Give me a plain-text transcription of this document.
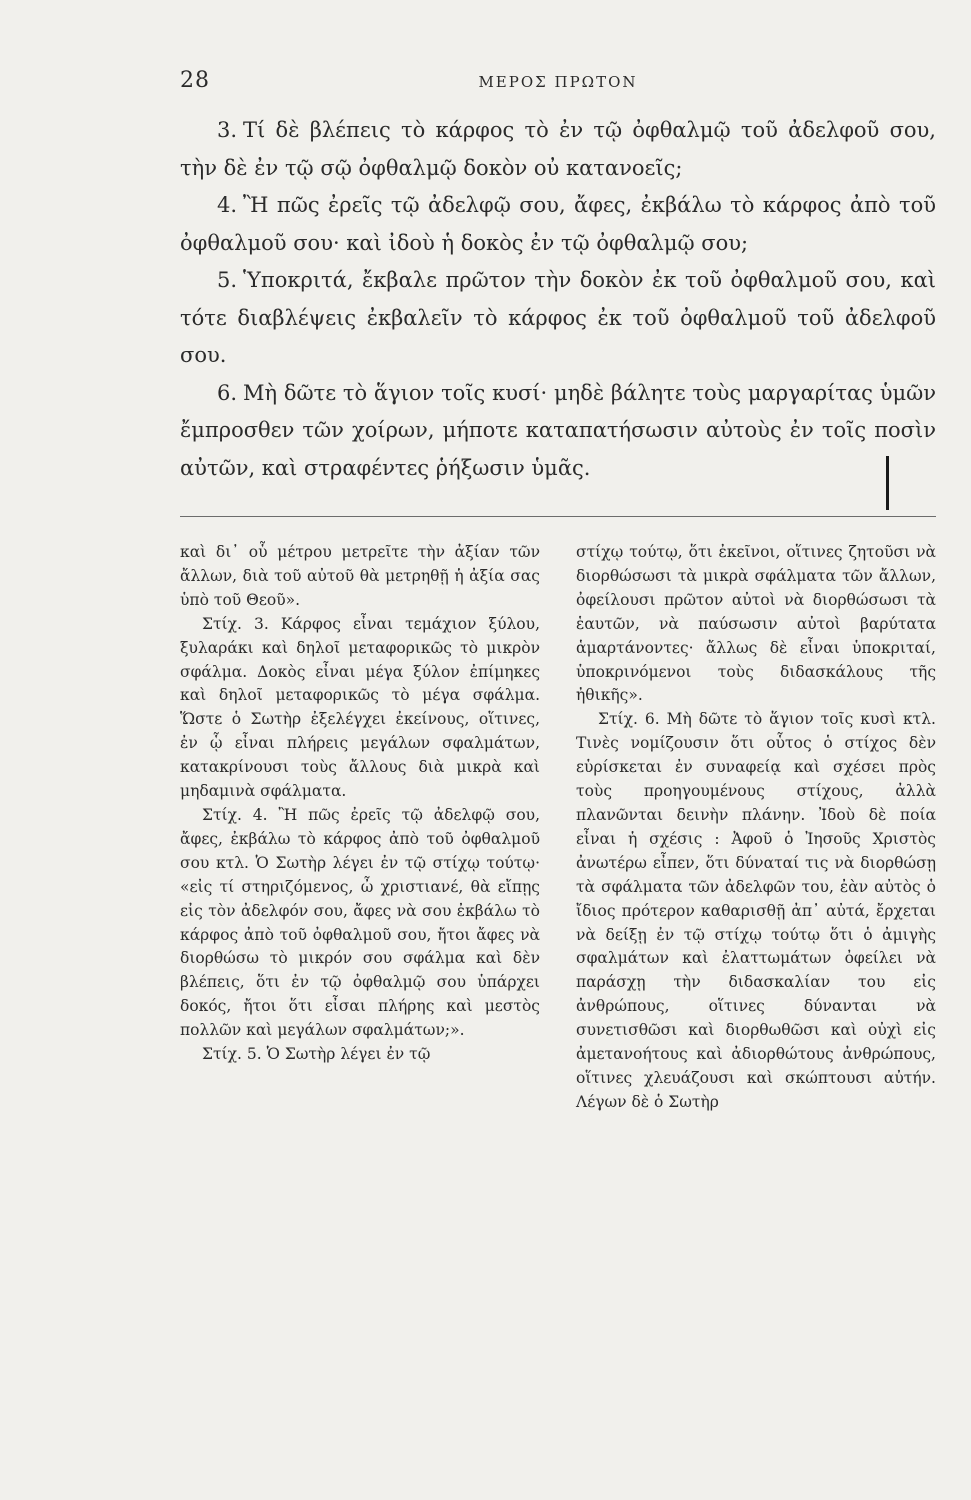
28	ΜΕΡΟΣ ΠΡΩΤΟΝ
3. Τί δὲ βλέπεις τὸ κάρφος τὸ ἐν τῷ ὀφθαλμῷ τοῦ ἀδελφοῦ σου, τὴν δὲ ἐν τῷ σῷ ὀφθαλμῷ δοκὸν οὐ κατανοεῖς;
4. Ἢ πῶς ἐρεῖς τῷ ἀδελφῷ σου, ἄφες, ἐκβάλω τὸ κάρφος ἀπὸ τοῦ ὀφθαλμοῦ σου· καὶ ἰδοὺ ἡ δοκὸς ἐν τῷ ὀφθαλμῷ σου;
5. Ὑποκριτά, ἔκβαλε πρῶτον τὴν δοκὸν ἐκ τοῦ ὀφθαλμοῦ σου, καὶ τότε διαβλέψεις ἐκβαλεῖν τὸ κάρφος ἐκ τοῦ ὀφθαλμοῦ τοῦ ἀδελφοῦ σου.
6. Μὴ δῶτε τὸ ἅγιον τοῖς κυσί· μηδὲ βάλητε τοὺς μαργαρίτας ὑμῶν ἔμπροσθεν τῶν χοίρων, μήποτε καταπατήσωσιν αὐτοὺς ἐν τοῖς ποσὶν αὐτῶν, καὶ στραφέντες ῥήξωσιν ὑμᾶς.

καὶ δι᾽ οὗ μέτρου μετρεῖτε τὴν ἀξίαν τῶν ἄλλων, διὰ τοῦ αὐτοῦ θὰ μετρηθῇ ἡ ἀξία σας ὑπὸ τοῦ Θεοῦ».

Στίχ. 3. Κάρφος εἶναι τεμάχιον ξύλου, ξυλαράκι καὶ δηλοῖ μεταφορικῶς τὸ μικρὸν σφάλμα. Δοκὸς εἶναι μέγα ξύλον ἐπίμηκες καὶ δηλοῖ μεταφορικῶς τὸ μέγα σφάλμα. Ὥστε ὁ Σωτὴρ ἐξελέγχει ἐκείνους, οἵτινες, ἐν ᾧ εἶναι πλήρεις μεγάλων σφαλμάτων, κατακρίνουσι τοὺς ἄλλους διὰ μικρὰ καὶ μηδαμινὰ σφάλματα.

Στίχ. 4. Ἢ πῶς ἐρεῖς τῷ ἀδελφῷ σου, ἄφες, ἐκβάλω τὸ κάρφος ἀπὸ τοῦ ὀφθαλμοῦ σου κτλ. Ὁ Σωτὴρ λέγει ἐν τῷ στίχῳ τούτῳ· «εἰς τί στηριζόμενος, ὦ χριστιανέ, θὰ εἴπῃς εἰς τὸν ἀδελφόν σου, ἄφες νὰ σου ἐκβάλω τὸ κάρφος ἀπὸ τοῦ ὀφθαλμοῦ σου, ἤτοι ἄφες νὰ διορθώσω τὸ μικρόν σου σφάλμα καὶ δὲν βλέπεις, ὅτι ἐν τῷ ὀφθαλμῷ σου ὑπάρχει δοκός, ἤτοι ὅτι εἶσαι πλήρης καὶ μεστὸς πολλῶν καὶ μεγάλων σφαλμάτων;».

Στίχ. 5. Ὁ Σωτὴρ λέγει ἐν τῷ

στίχῳ τούτῳ, ὅτι ἐκεῖνοι, οἵτινες ζητοῦσι νὰ διορθώσωσι τὰ μικρὰ σφάλματα τῶν ἄλλων, ὀφείλουσι πρῶτον αὐτοὶ νὰ διορθώσωσι τὰ ἑαυτῶν, νὰ παύσωσιν αὐτοὶ βαρύτατα ἁμαρτάνοντες· ἄλλως δὲ εἶναι ὑποκριταί, ὑποκρινόμενοι τοὺς διδασκάλους τῆς ἠθικῆς».

Στίχ. 6. Μὴ δῶτε τὸ ἅγιον τοῖς κυσὶ κτλ. Τινὲς νομίζουσιν ὅτι οὗτος ὁ στίχος δὲν εὑρίσκεται ἐν συναφείᾳ καὶ σχέσει πρὸς τοὺς προηγουμένους στίχους, ἀλλὰ πλανῶνται δεινὴν πλάνην. Ἰδοὺ δὲ ποία εἶναι ἡ σχέσις : Ἀφοῦ ὁ Ἰησοῦς Χριστὸς ἀνωτέρω εἶπεν, ὅτι δύναταί τις νὰ διορθώσῃ τὰ σφάλματα τῶν ἀδελφῶν του, ἐὰν αὐτὸς ὁ ἴδιος πρότερον καθαρισθῇ ἀπ᾽ αὐτά, ἔρχεται νὰ δείξῃ ἐν τῷ στίχῳ τούτῳ ὅτι ὁ ἀμιγὴς σφαλμάτων καὶ ἐλαττωμάτων ὀφείλει νὰ παράσχῃ τὴν διδασκαλίαν του εἰς ἀνθρώπους, οἵτινες δύνανται νὰ συνετισθῶσι καὶ διορθωθῶσι καὶ οὐχὶ εἰς ἀμετανοήτους καὶ ἀδιορθώτους ἀνθρώπους, οἵτινες χλευάζουσι καὶ σκώπτουσι αὐτήν. Λέγων δὲ ὁ Σωτὴρ
